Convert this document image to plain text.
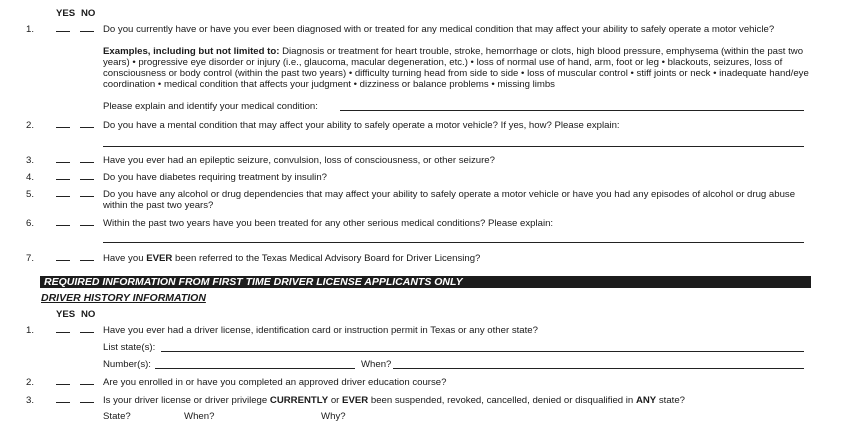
YES NO
1.	Do you currently have or have you ever been diagnosed with or treated for any medical condition that may affect your ability to safely operate a motor vehicle?
Examples, including but not limited to: Diagnosis or treatment for heart trouble, stroke, hemorrhage or clots, high blood pressure, emphysema (within the past two years) • progressive eye disorder or injury (i.e., glaucoma, macular degeneration, etc.) • loss of normal use of hand, arm, foot or leg • blackouts, seizures, loss of consciousness or body control (within the past two years) • difficulty turning head from side to side • loss of muscular control • stiff joints or neck • inadequate hand/eye coordination • medical condition that affects your judgment • dizziness or balance problems • missing limbs
Please explain and identify your medical condition:
2.	Do you have a mental condition that may affect your ability to safely operate a motor vehicle? If yes, how? Please explain:
3.	Have you ever had an epileptic seizure, convulsion, loss of consciousness, or other seizure?
4.	Do you have diabetes requiring treatment by insulin?
5.	Do you have any alcohol or drug dependencies that may affect your ability to safely operate a motor vehicle or have you had any episodes of alcohol or drug abuse within the past two years?
6.	Within the past two years have you been treated for any other serious medical conditions? Please explain:
7.	Have you EVER been referred to the Texas Medical Advisory Board for Driver Licensing?
REQUIRED INFORMATION FROM FIRST TIME DRIVER LICENSE APPLICANTS ONLY
DRIVER HISTORY INFORMATION
YES NO
1.	Have you ever had a driver license, identification card or instruction permit in Texas or any other state?
List state(s):
Number(s):	When?
2.	Are you enrolled in or have you completed an approved driver education course?
3.	Is your driver license or driver privilege CURRENTLY or EVER been suspended, revoked, cancelled, denied or disqualified in ANY state?
State?                    When?                                        Why?
